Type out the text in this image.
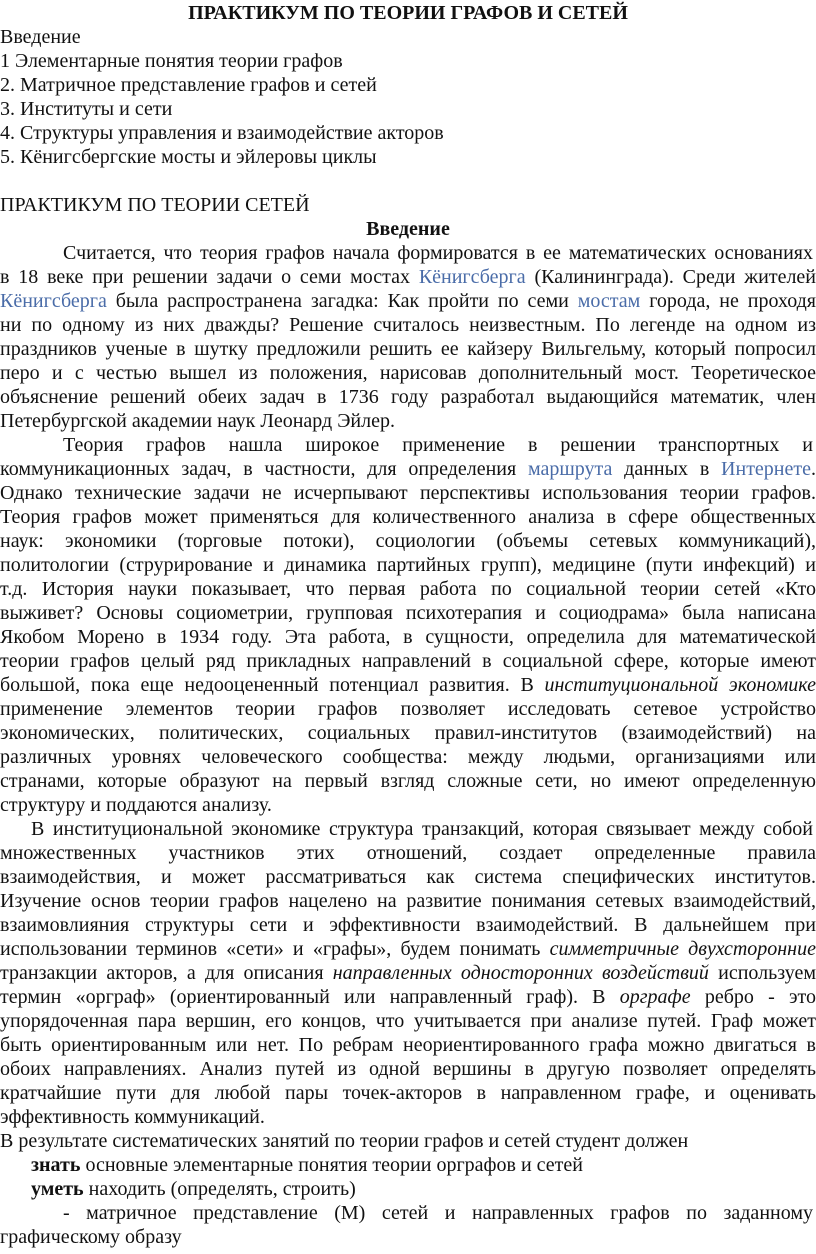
ПРАКТИКУМ ПО ТЕОРИИ ГРАФОВ И СЕТЕЙ
Введение
1 Элементарные понятия теории графов
2. Матричное представление графов и сетей
3. Институты и сети
4. Структуры управления и взаимодействие акторов
5. Кёнигсбергские мосты и эйлеровы циклы
ПРАКТИКУМ ПО ТЕОРИИ СЕТЕЙ
Введение
Считается, что теория графов начала формироватся в ее математических основаниях
в 18 веке при решении задачи о семи мостах Кёнигсберга (Калининграда). Среди жителей
Кёнигсберга была распространена загадка: Как пройти по семи мостам города, не проходя
ни по одному из них дважды? Решение считалось неизвестным. По легенде на одном из
праздников ученые в шутку предложили решить ее кайзеру Вильгельму, который попросил
перо и с честью вышел из положения, нарисовав дополнительный мост. Теоретическое
объяснение решений обеих задач в 1736 году разработал выдающийся математик, член
Петербургской академии наук Леонард Эйлер.
Теория графов нашла широкое применение в решении транспортных и
коммуникационных задач, в частности, для определения маршрута данных в Интернете.
Однако технические задачи не исчерпывают перспективы использования теории графов.
Теория графов может применяться для количественного анализа в сфере общественных
наук: экономики (торговые потоки), социологии (объемы сетевых коммуникаций),
политологии (струрирование и динамика партийных групп), медицине (пути инфекций) и
т.д. История науки показывает, что первая работа по социальной теории сетей «Кто
выживет? Основы социометрии, групповая психотерапия и социодрама» была написана
Якобом Морено в 1934 году. Эта работа, в сущности, определила для математической
теории графов целый ряд прикладных направлений в социальной сфере, которые имеют
большой, пока еще недооцененный потенциал развития. В институциональной экономике
применение элементов теории графов позволяет исследовать сетевое устройство
экономических, политических, социальных правил-институтов (взаимодействий) на
различных уровнях человеческого сообщества: между людьми, организациями или
странами, которые образуют на первый взгляд сложные сети, но имеют определенную
структуру и поддаются анализу.
В институциональной экономике структура транзакций, которая связывает между собой
множественных участников этих отношений, создает определенные правила
взаимодействия, и может рассматриваться как система специфических институтов.
Изучение основ теории графов нацелено на развитие понимания сетевых взаимодействий,
взаимовлияния структуры сети и эффективности взаимодействий. В дальнейшем при
использовании терминов «сети» и «графы», будем понимать симметричные двухсторонние
транзакции акторов, а для описания направленных односторонних воздействий используем
термин «орграф» (ориентированный или направленный граф). В орграфе ребро - это
упорядоченная пара вершин, его концов, что учитывается при анализе путей. Граф может
быть ориентированным или нет. По ребрам неориентированного графа можно двигаться в
обоих направлениях. Анализ путей из одной вершины в другую позволяет определять
кратчайшие пути для любой пары точек-акторов в направленном графе, и оценивать
эффективность коммуникаций.
В результате систематических занятий по теории графов и сетей студент должен
знать основные элементарные понятия теории орграфов и сетей
уметь находить (определять, строить)
- матричное представление (М) сетей и направленных графов по заданному
графическому образу
